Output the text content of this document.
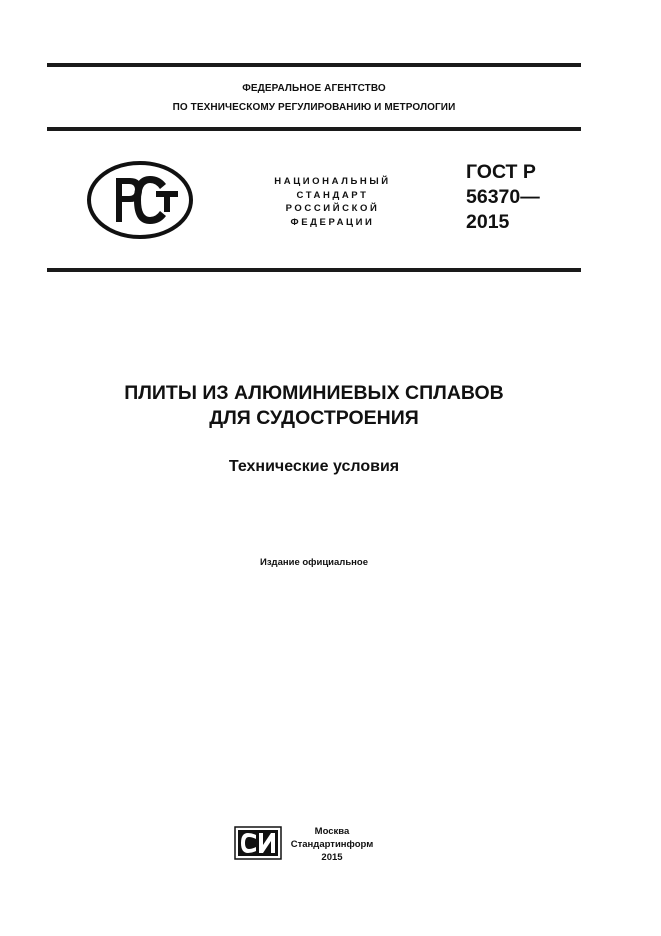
ФЕДЕРАЛЬНОЕ АГЕНТСТВО
ПО ТЕХНИЧЕСКОМУ РЕГУЛИРОВАНИЮ И МЕТРОЛОГИИ
НАЦИОНАЛЬНЫЙ
СТАНДАРТ
РОССИЙСКОЙ
ФЕДЕРАЦИИ
ГОСТ Р
56370—
2015
ПЛИТЫ ИЗ АЛЮМИНИЕВЫХ СПЛАВОВ
ДЛЯ СУДОСТРОЕНИЯ
Технические условия
Издание официальное
Москва
Стандартинформ
2015
